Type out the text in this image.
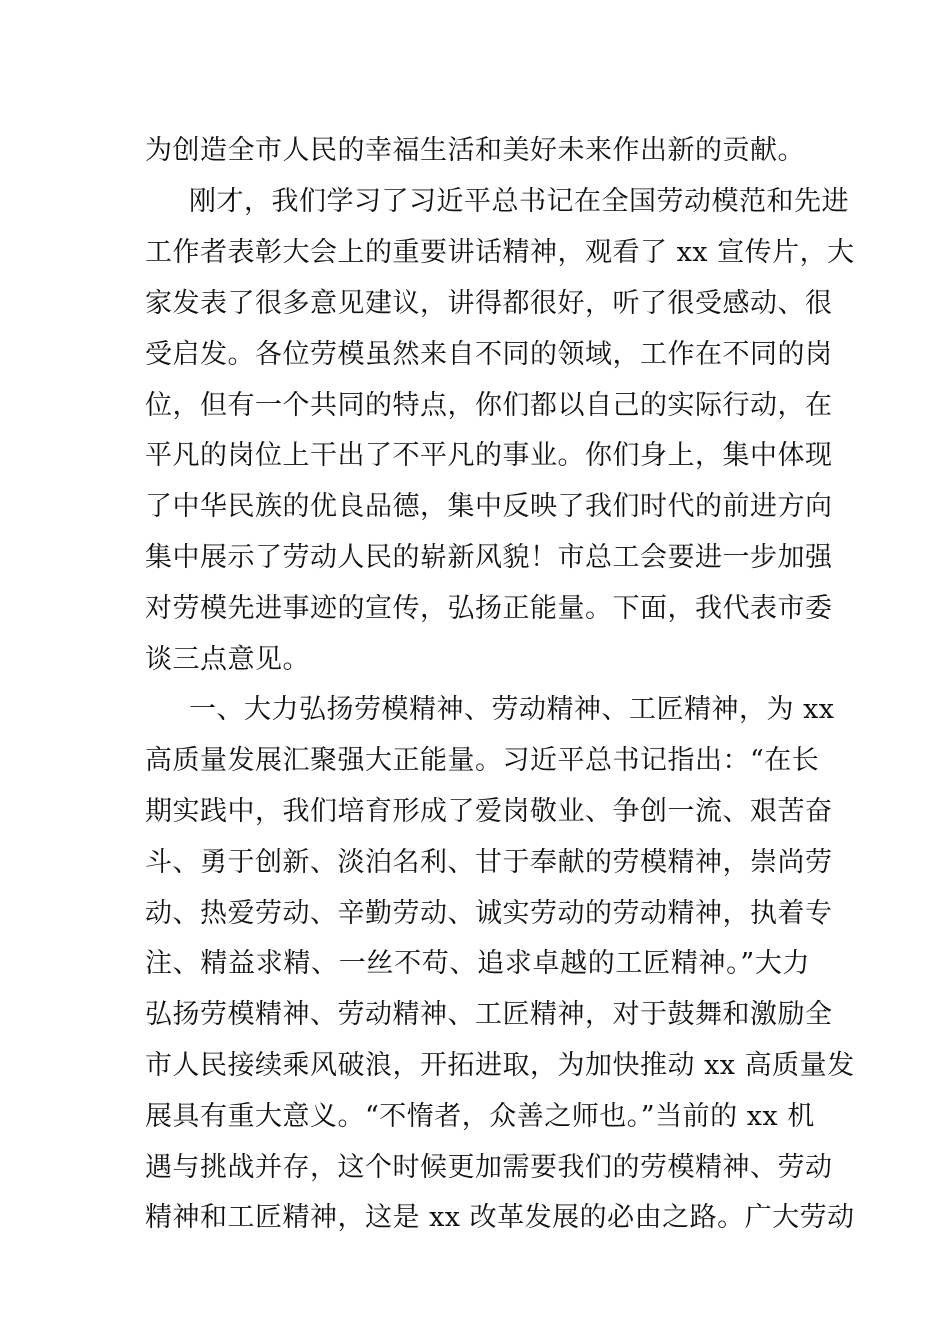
为创造全市人民的幸福生活和美好未来作出新的贡献。
刚才，我们学习了习近平总书记在全国劳动模范和先进
工作者表彰大会上的重要讲话精神，观看了 xx 宣传片，大
家发表了很多意见建议，讲得都很好，听了很受感动、很
受启发。各位劳模虽然来自不同的领域，工作在不同的岗
位，但有一个共同的特点，你们都以自己的实际行动，在
平凡的岗位上干出了不平凡的事业。你们身上，集中体现
了中华民族的优良品德，集中反映了我们时代的前进方向
集中展示了劳动人民的崭新风貌！市总工会要进一步加强
对劳模先进事迹的宣传，弘扬正能量。下面，我代表市委
谈三点意见。
一、大力弘扬劳模精神、劳动精神、工匠精神，为 xx
高质量发展汇聚强大正能量。习近平总书记指出：“在长
期实践中，我们培育形成了爱岗敬业、争创一流、艰苦奋
斗、勇于创新、淡泊名利、甘于奉献的劳模精神，崇尚劳
动、热爱劳动、辛勤劳动、诚实劳动的劳动精神，执着专
注、精益求精、一丝不苟、追求卓越的工匠精神。”大力
弘扬劳模精神、劳动精神、工匠精神，对于鼓舞和激励全
市人民接续乘风破浪，开拓进取，为加快推动 xx 高质量发
展具有重大意义。“不惰者，众善之师也。”当前的 xx 机
遇与挑战并存，这个时候更加需要我们的劳模精神、劳动
精神和工匠精神，这是 xx 改革发展的必由之路。广大劳动
